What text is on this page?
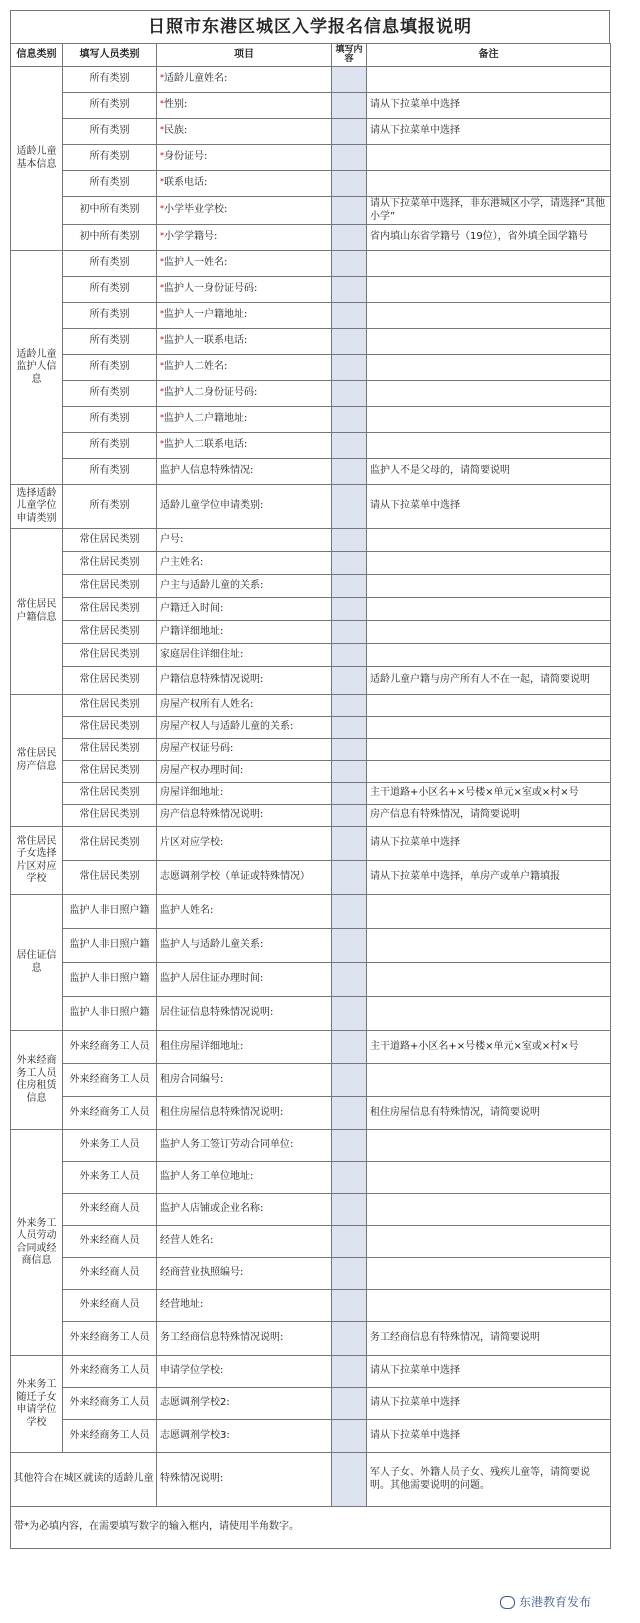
日照市东港区城区入学报名信息填报说明
信息类别	填写人员类别	项目	填写内容	备注
适龄儿童基本信息	所有类别	*适龄儿童姓名:		
	所有类别	*性别:		请从下拉菜单中选择
	所有类别	*民族:		请从下拉菜单中选择
	所有类别	*身份证号:		
	所有类别	*联系电话:		
	初中所有类别	*小学毕业学校:		请从下拉菜单中选择，非东港城区小学，请选择“其他小学”
	初中所有类别	*小学学籍号:		省内填山东省学籍号（19位），省外填全国学籍号
适龄儿童监护人信息	所有类别	*监护人一姓名:		
	所有类别	*监护人一身份证号码:		
	所有类别	*监护人一户籍地址:		
	所有类别	*监护人一联系电话:		
	所有类别	*监护人二姓名:		
	所有类别	*监护人二身份证号码:		
	所有类别	*监护人二户籍地址:		
	所有类别	*监护人二联系电话:		
	所有类别	监护人信息特殊情况:		监护人不是父母的，请简要说明
选择适龄儿童学位申请类别	所有类别	适龄儿童学位申请类别:		请从下拉菜单中选择
常住居民户籍信息	常住居民类别	户号:		
	常住居民类别	户主姓名:		
	常住居民类别	户主与适龄儿童的关系:		
	常住居民类别	户籍迁入时间:		
	常住居民类别	户籍详细地址:		
	常住居民类别	家庭居住详细住址:		
	常住居民类别	户籍信息特殊情况说明:		适龄儿童户籍与房产所有人不在一起，请简要说明
常住居民房产信息	常住居民类别	房屋产权所有人姓名:		
	常住居民类别	房屋产权人与适龄儿童的关系:		
	常住居民类别	房屋产权证号码:		
	常住居民类别	房屋产权办理时间:		
	常住居民类别	房屋详细地址:		主干道路+小区名+×号楼×单元×室或×村×号
	常住居民类别	房产信息特殊情况说明:		房产信息有特殊情况，请简要说明
常住居民子女选择片区对应学校	常住居民类别	片区对应学校:		请从下拉菜单中选择
	常住居民类别	志愿调剂学校（单证或特殊情况）		请从下拉菜单中选择，单房产或单户籍填报
居住证信息	监护人非日照户籍	监护人姓名:		
	监护人非日照户籍	监护人与适龄儿童关系:		
	监护人非日照户籍	监护人居住证办理时间:		
	监护人非日照户籍	居住证信息特殊情况说明:		
外来经商务工人员住房租赁信息	外来经商务工人员	租住房屋详细地址:		主干道路+小区名+×号楼×单元×室或×村×号
	外来经商务工人员	租房合同编号:		
	外来经商务工人员	租住房屋信息特殊情况说明:		租住房屋信息有特殊情况，请简要说明
外来务工人员劳动合同或经商信息	外来务工人员	监护人务工签订劳动合同单位:		
	外来务工人员	监护人务工单位地址:		
	外来经商人员	监护人店铺或企业名称:		
	外来经商人员	经营人姓名:		
	外来经商人员	经商营业执照编号:		
	外来经商人员	经营地址:		
	外来经商务工人员	务工经商信息特殊情况说明:		务工经商信息有特殊情况，请简要说明
外来务工随迁子女申请学位学校	外来经商务工人员	申请学位学校:		请从下拉菜单中选择
	外来经商务工人员	志愿调剂学校2:		请从下拉菜单中选择
	外来经商务工人员	志愿调剂学校3:		请从下拉菜单中选择
其他符合在城区就读的适龄儿童		特殊情况说明:		军人子女、外籍人员子女、残疾儿童等，请简要说明。其他需要说明的问题。
带*为必填内容，在需要填写数字的输入框内，请使用半角数字。				
东港教育发布
